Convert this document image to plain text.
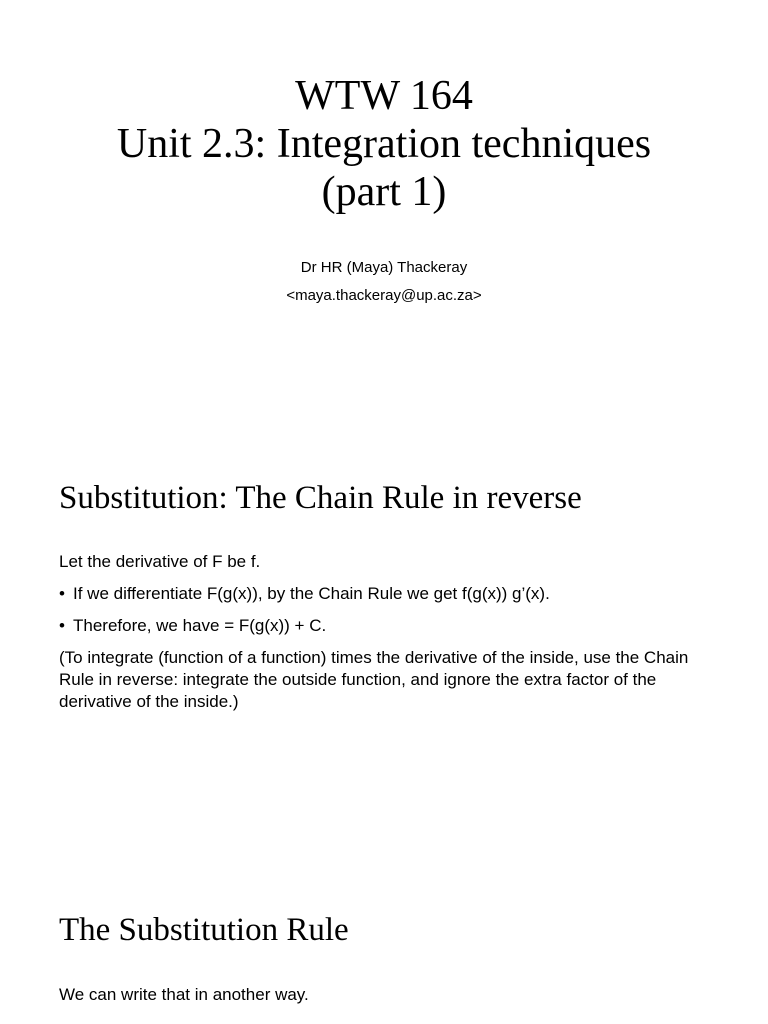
WTW 164
Unit 2.3: Integration techniques
(part 1)
Dr HR (Maya) Thackeray
<maya.thackeray@up.ac.za>
Substitution: The Chain Rule in reverse
Let the derivative of F be f.
• If we differentiate F(g(x)), by the Chain Rule we get f(g(x)) g’(x).
• Therefore, we have = F(g(x)) + C.
(To integrate (function of a function) times the derivative of the inside, use the Chain Rule in reverse: integrate the outside function, and ignore the extra factor of the derivative of the inside.)
The Substitution Rule
We can write that in another way.
